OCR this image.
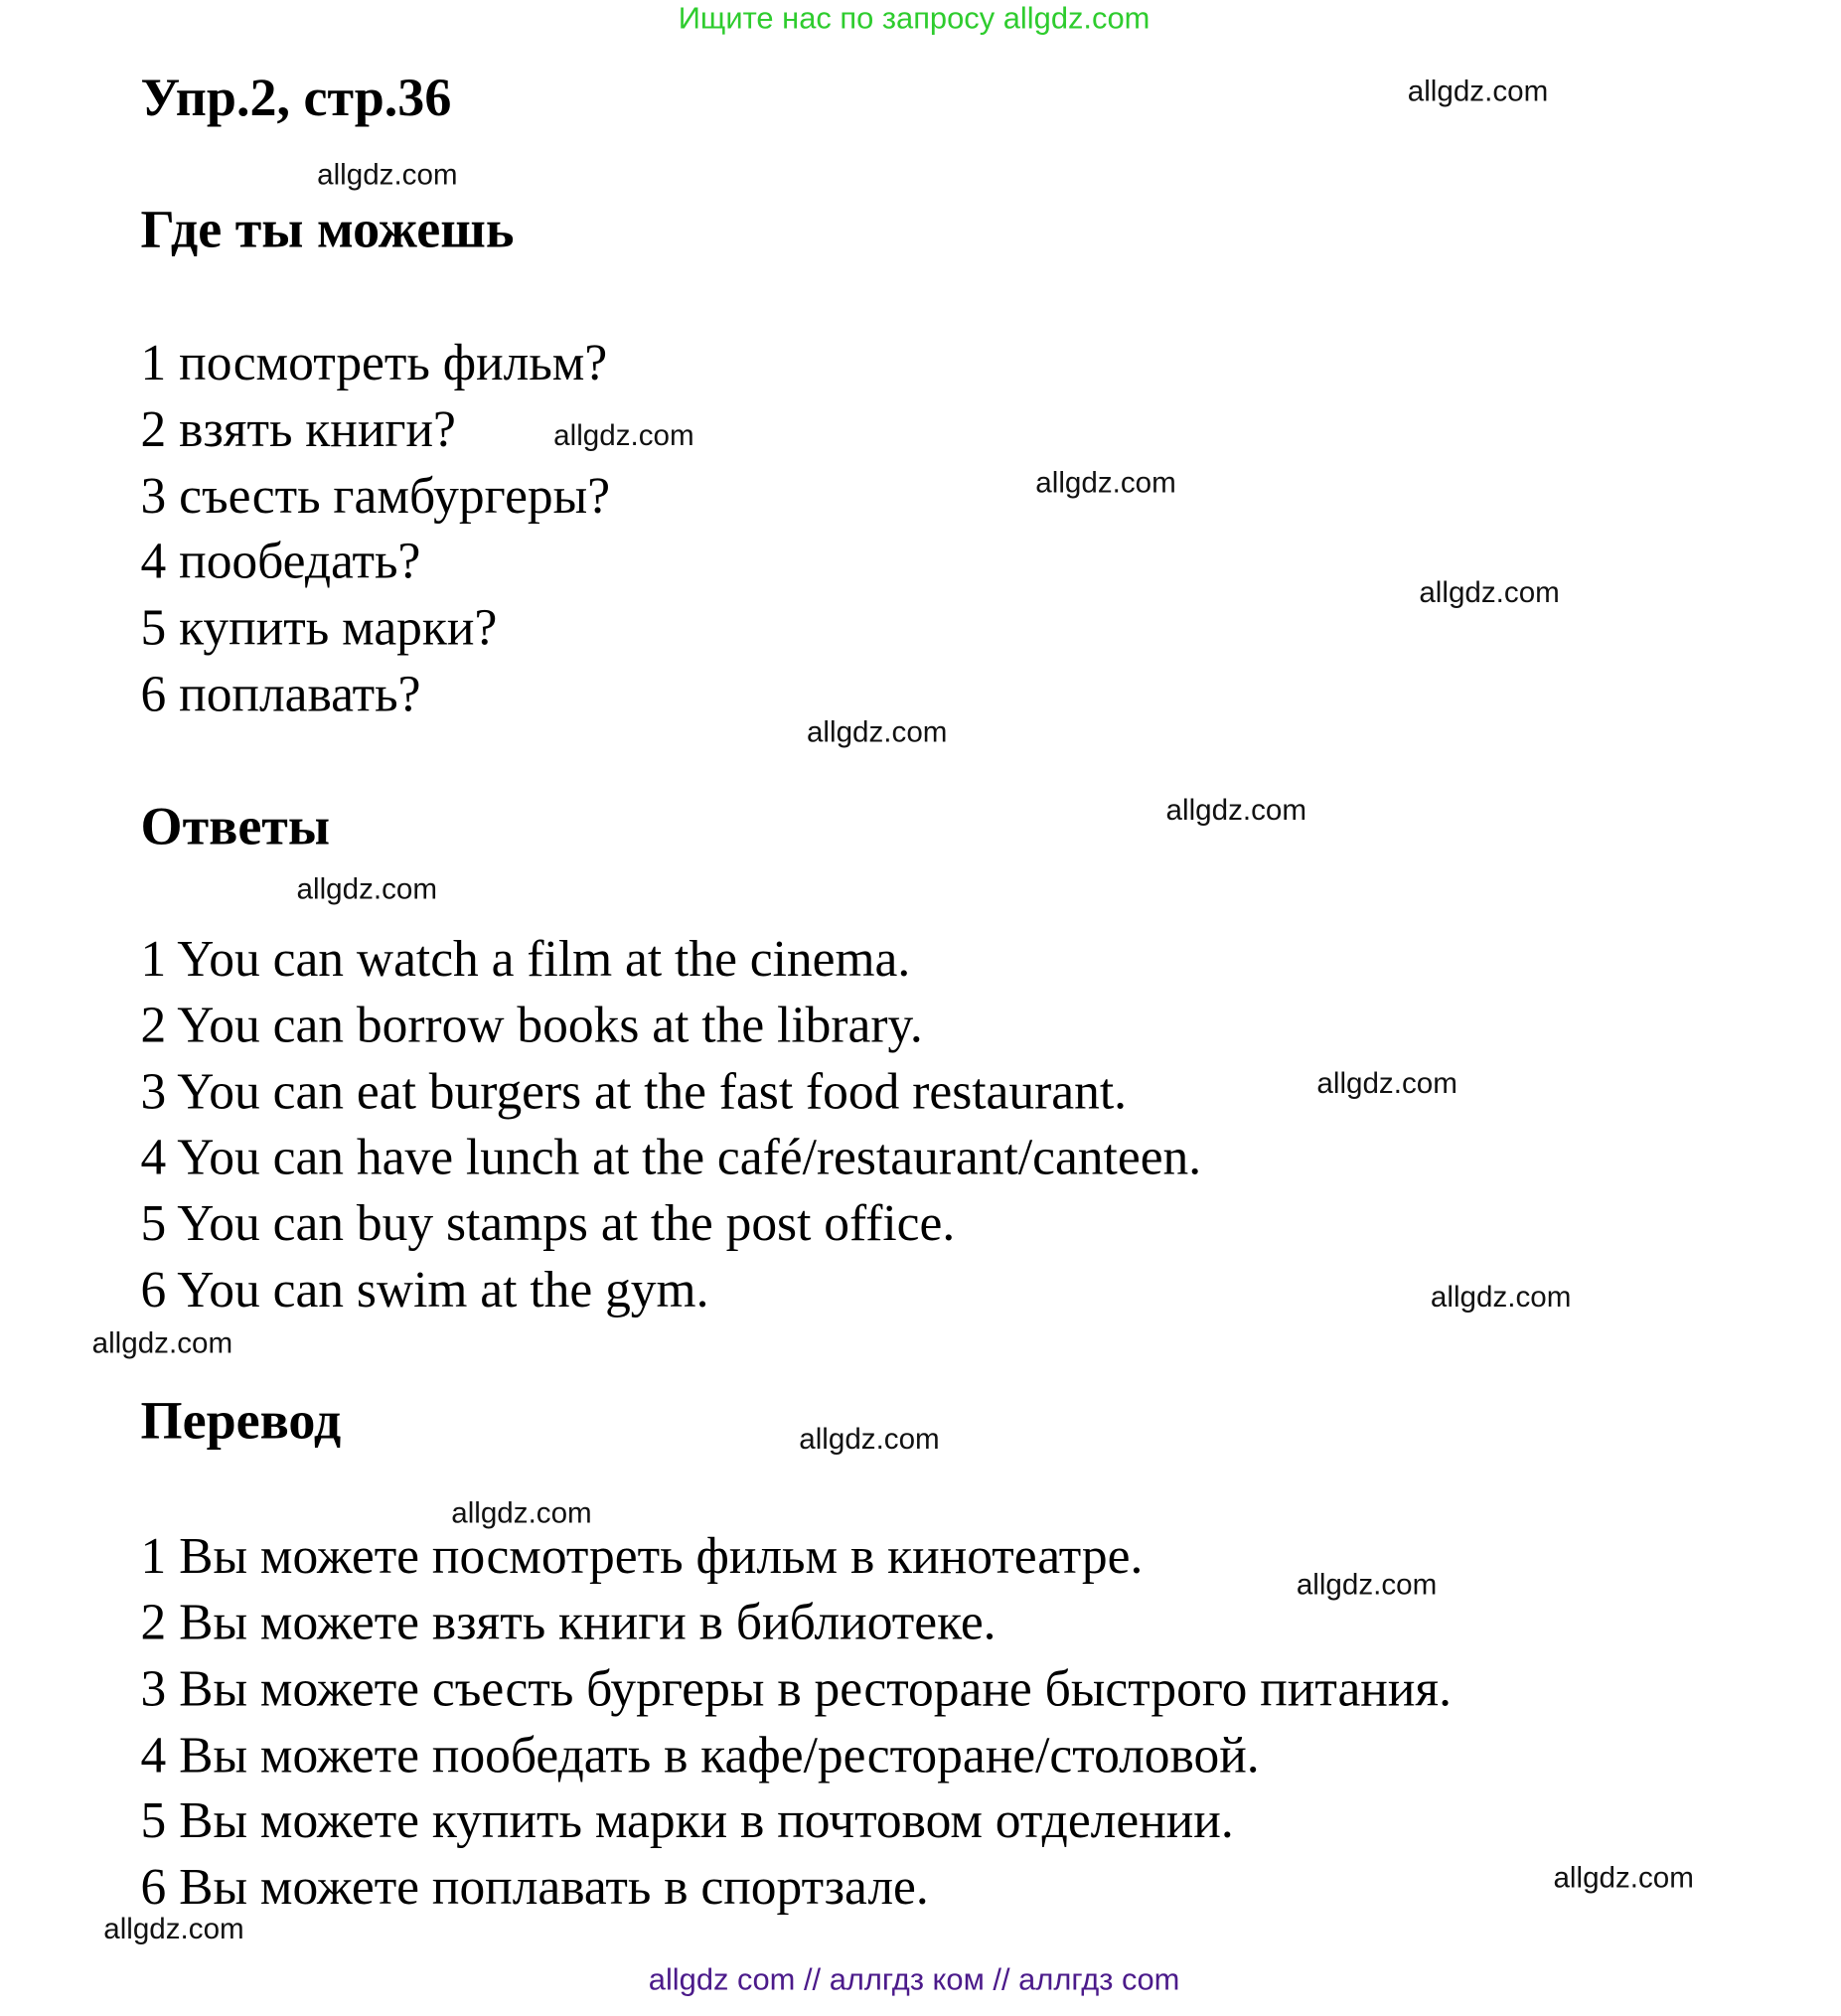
Ищите нас по запросу allgdz.com
Упр.2, стр.36
Где ты можешь
1 посмотреть фильм?
2 взять книги?
3 съесть гамбургеры?
4 пообедать?
5 купить марки?
6 поплавать?
Ответы
1 You can watch a film at the cinema.
2 You can borrow books at the library.
3 You can eat burgers at the fast food restaurant.
4 You can have lunch at the café/restaurant/canteen.
5 You can buy stamps at the post office.
6 You can swim at the gym.
Перевод
1 Вы можете посмотреть фильм в кинотеатре.
2 Вы можете взять книги в библиотеке.
3 Вы можете съесть бургеры в ресторане быстрого питания.
4 Вы можете пообедать в кафе/ресторане/столовой.
5 Вы можете купить марки в почтовом отделении.
6 Вы можете поплавать в спортзале.
allgdz.com
allgdz.com
allgdz.com
allgdz.com
allgdz.com
allgdz.com
allgdz.com
allgdz.com
allgdz.com
allgdz.com
allgdz.com
allgdz.com
allgdz.com
allgdz.com
allgdz.com
allgdz.com
allgdz com // аллгдз ком // аллгдз com
